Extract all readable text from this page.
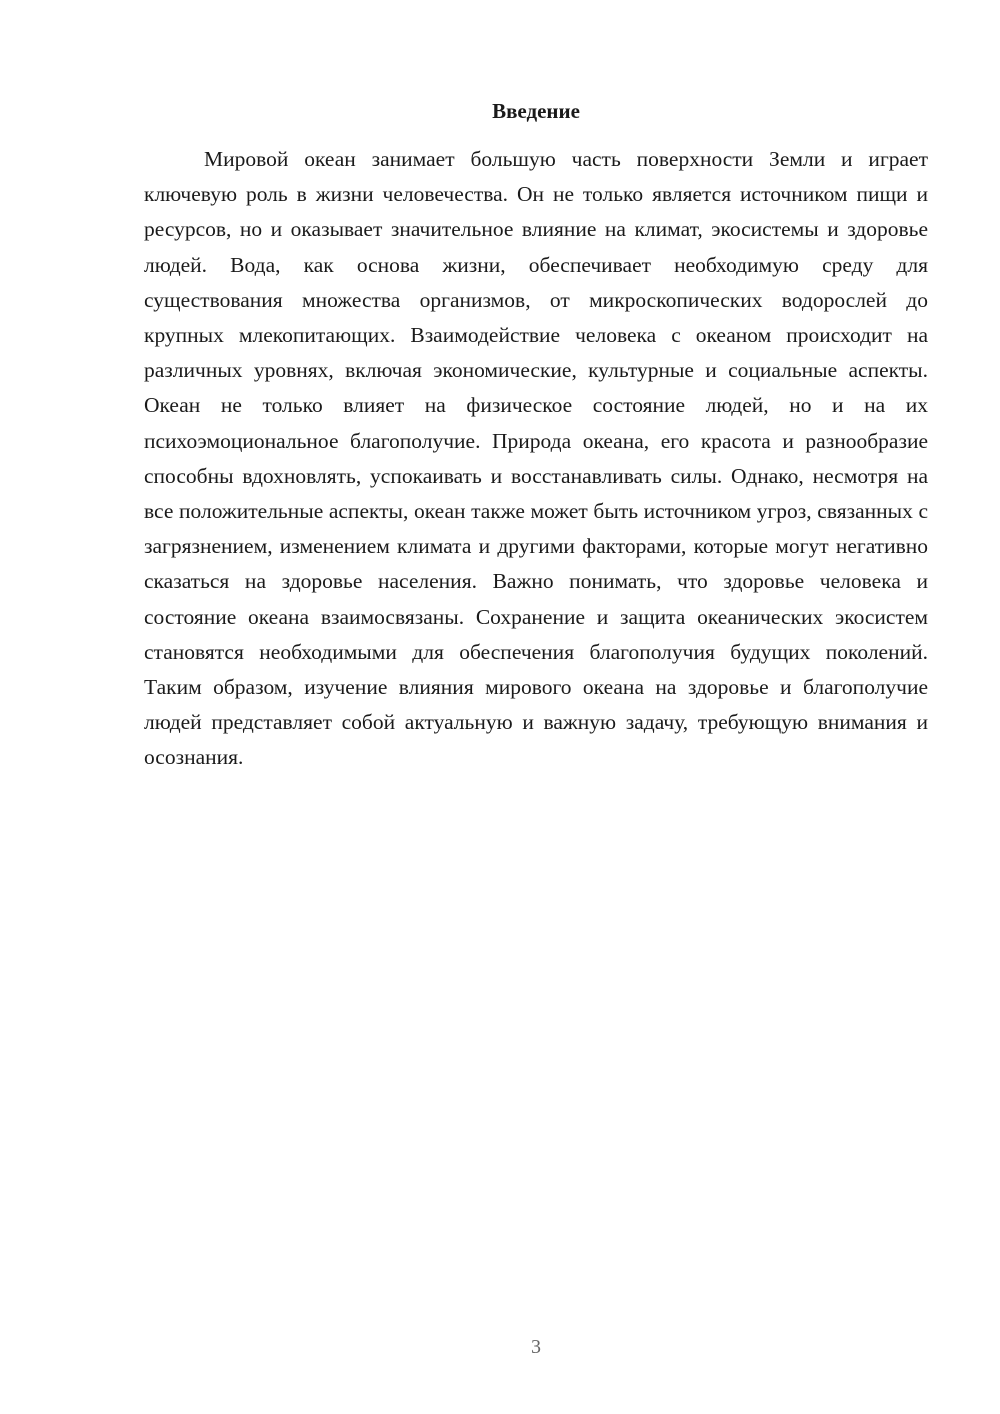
Введение

Мировой океан занимает большую часть поверхности Земли и играет ключевую роль в жизни человечества. Он не только является источником пищи и ресурсов, но и оказывает значительное влияние на климат, экосистемы и здоровье людей. Вода, как основа жизни, обеспечивает необходимую среду для существования множества организмов, от микроскопических водорослей до крупных млекопитающих. Взаимодействие человека с океаном происходит на различных уровнях, включая экономические, культурные и социальные аспекты. Океан не только влияет на физическое состояние людей, но и на их психоэмоциональное благополучие. Природа океана, его красота и разнообразие способны вдохновлять, успокаивать и восстанавливать силы. Однако, несмотря на все положительные аспекты, океан также может быть источником угроз, связанных с загрязнением, изменением климата и другими факторами, которые могут негативно сказаться на здоровье населения. Важно понимать, что здоровье человека и состояние океана взаимосвязаны. Сохранение и защита океанических экосистем становятся необходимыми для обеспечения благополучия будущих поколений. Таким образом, изучение влияния мирового океана на здоровье и благополучие людей представляет собой актуальную и важную задачу, требующую внимания и осознания.

3
